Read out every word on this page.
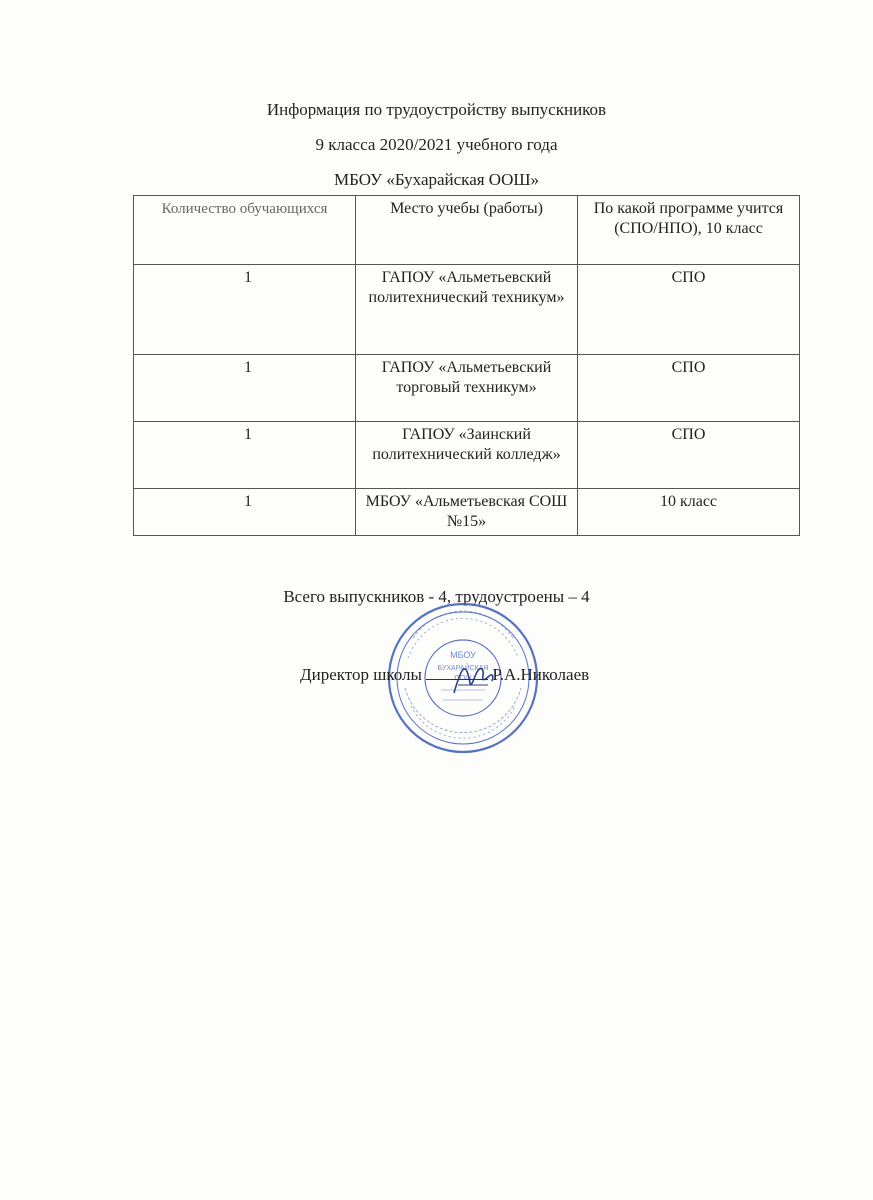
Информация по трудоустройству выпускников
9 класса 2020/2021 учебного года
МБОУ «Бухарайская ООШ»
Количество обучающихся	Место учебы (работы)	По какой программе учится (СПО/НПО), 10 класс
1	ГАПОУ «Альметьевский политехнический техникум»	СПО
1	ГАПОУ «Альметьевский торговый техникум»	СПО
1	ГАПОУ «Заинский политехнический колледж»	СПО
1	МБОУ «Альметьевская СОШ №15»	10 класс
Всего выпускников - 4, трудоустроены – 4
МБОУ
БУХАРАЙСКАЯ
ООШ
Директор школы	Р.А.Николаев
